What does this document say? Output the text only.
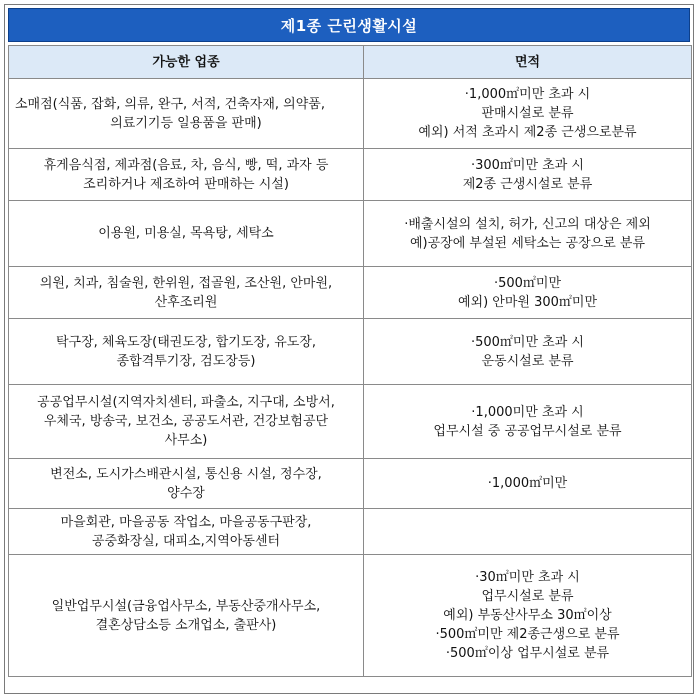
제1종 근린생활시설
가능한 업종	면적

소매점(식품, 잡화, 의류, 완구, 서적, 건축자재, 의약품,
의료기기등 일용품을 판매)	·1,000㎡미만 초과 시
판매시설로 분류
예외) 서적 초과시 제2종 근생으로분류

휴게음식점, 제과점(음료, 차, 음식, 빵, 떡, 과자 등
조리하거나 제조하여 판매하는 시설)	·300㎡미만 초과 시
제2종 근생시설로 분류

이용원, 미용실, 목욕탕, 세탁소	·배출시설의 설치, 허가, 신고의 대상은 제외
예)공장에 부설된 세탁소는 공장으로 분류

의원, 치과, 침술원, 한위원, 접골원, 조산원, 안마원,
산후조리원	·500㎡미만
예외) 안마원 300㎡미만

탁구장, 체육도장(태권도장, 합기도장, 유도장,
종합격투기장, 검도장등)	·500㎡미만 초과 시
운동시설로 분류

공공업무시설(지역자치센터, 파출소, 지구대, 소방서,
우체국, 방송국, 보건소, 공공도서관, 건강보험공단
사무소)	·1,000미만 초과 시
업무시설 중 공공업무시설로 분류

변전소, 도시가스배관시설, 통신용 시설, 정수장,
양수장	·1,000㎡미만

마을회관, 마을공동 작업소, 마을공동구판장,
공중화장실, 대피소,지역아동센터	

일반업무시설(금융업사무소, 부동산중개사무소,
결혼상담소등 소개업소, 출판사)	·30㎡미만 초과 시
업무시설로 분류
예외) 부동산사무소 30㎡이상
·500㎡미만 제2종근생으로 분류
·500㎡이상 업무시설로 분류
